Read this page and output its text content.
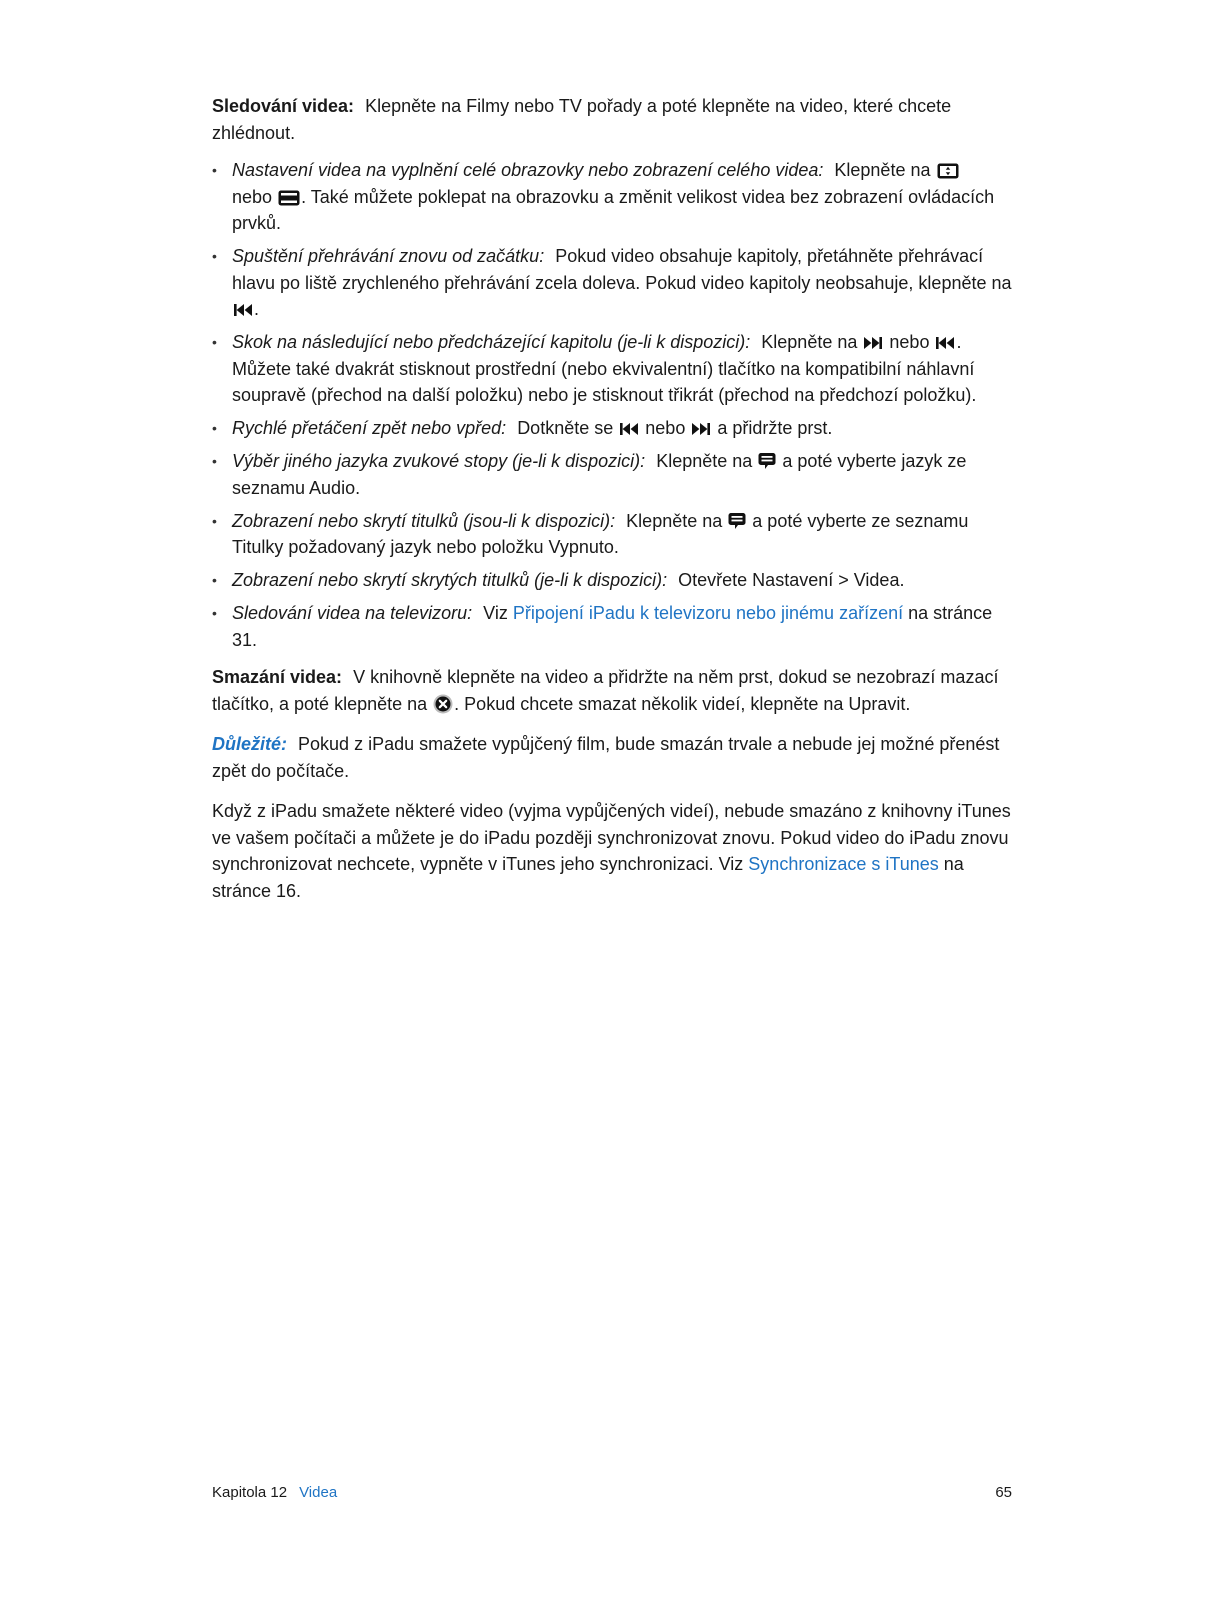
Sledování videa: Klepněte na Filmy nebo TV pořady a poté klepněte na video, které chcete zhlédnout.

• Nastavení videa na vyplnění celé obrazovky nebo zobrazení celého videa: Klepněte na
nebo . Také můžete poklepat na obrazovku a změnit velikost videa bez zobrazení ovládacích prvků.
• Spuštění přehrávání znovu od začátku: Pokud video obsahuje kapitoly, přetáhněte přehrávací hlavu po liště zrychleného přehrávání zcela doleva. Pokud video kapitoly neobsahuje, klepněte na .
• Skok na následující nebo předcházející kapitolu (je-li k dispozici): Klepněte na nebo . Můžete také dvakrát stisknout prostřední (nebo ekvivalentní) tlačítko na kompatibilní náhlavní soupravě (přechod na další položku) nebo je stisknout třikrát (přechod na předchozí položku).
• Rychlé přetáčení zpět nebo vpřed: Dotkněte se nebo a přidržte prst.
• Výběr jiného jazyka zvukové stopy (je-li k dispozici): Klepněte na a poté vyberte jazyk ze seznamu Audio.
• Zobrazení nebo skrytí titulků (jsou-li k dispozici): Klepněte na a poté vyberte ze seznamu Titulky požadovaný jazyk nebo položku Vypnuto.
• Zobrazení nebo skrytí skrytých titulků (je-li k dispozici): Otevřete Nastavení > Videa.
• Sledování videa na televizoru: Viz Připojení iPadu k televizoru nebo jinému zařízení na stránce 31.

Smazání videa: V knihovně klepněte na video a přidržte na něm prst, dokud se nezobrazí mazací tlačítko, a poté klepněte na . Pokud chcete smazat několik videí, klepněte na Upravit.

Důležité: Pokud z iPadu smažete vypůjčený film, bude smazán trvale a nebude jej možné přenést zpět do počítače.

Když z iPadu smažete některé video (vyjma vypůjčených videí), nebude smazáno z knihovny iTunes ve vašem počítači a můžete je do iPadu později synchronizovat znovu. Pokud video do iPadu znovu synchronizovat nechcete, vypněte v iTunes jeho synchronizaci. Viz Synchronizace s iTunes na stránce 16.

Kapitola 12 Videa	65
